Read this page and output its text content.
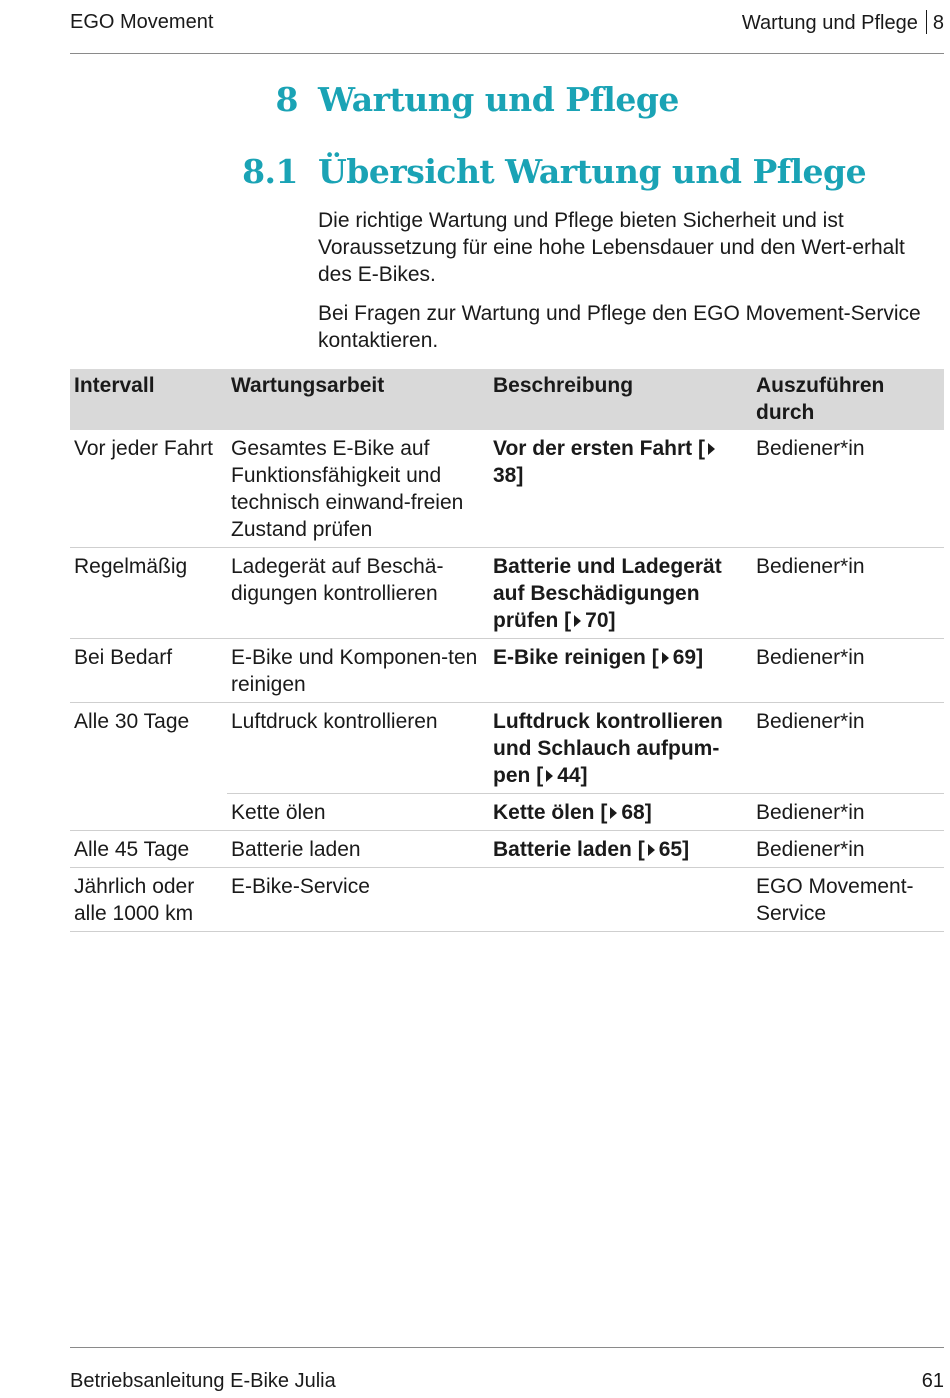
EGO Movement	Wartung und Pflege 8
8 Wartung und Pflege
8.1 Übersicht Wartung und Pflege

Die richtige Wartung und Pflege bieten Sicherheit und ist Voraussetzung für eine hohe Lebensdauer und den Wert-erhalt des E-Bikes.

Bei Fragen zur Wartung und Pflege den EGO Movement-Service kontaktieren.

Intervall	Wartungsarbeit	Beschreibung	Auszuführen durch
Vor jeder Fahrt	Gesamtes E-Bike auf Funktionsfähigkeit und technisch einwand-freien Zustand prüfen	Vor der ersten Fahrt [38]	Bediener*in
Regelmäßig	Ladegerät auf Beschä-digungen kontrollieren	Batterie und Ladegerät auf Beschädigungen prüfen [ 70]	Bediener*in
Bei Bedarf	E-Bike und Komponen-ten reinigen	E-Bike reinigen [ 69]	Bediener*in
Alle 30 Tage	Luftdruck kontrollieren	Luftdruck kontrollieren und Schlauch aufpum-pen [ 44]	Bediener*in
	Kette ölen	Kette ölen [ 68]	Bediener*in
Alle 45 Tage	Batterie laden	Batterie laden [ 65]	Bediener*in
Jährlich oder alle 1000 km	E-Bike-Service		EGO Movement-Service
Betriebsanleitung E-Bike Julia	61
